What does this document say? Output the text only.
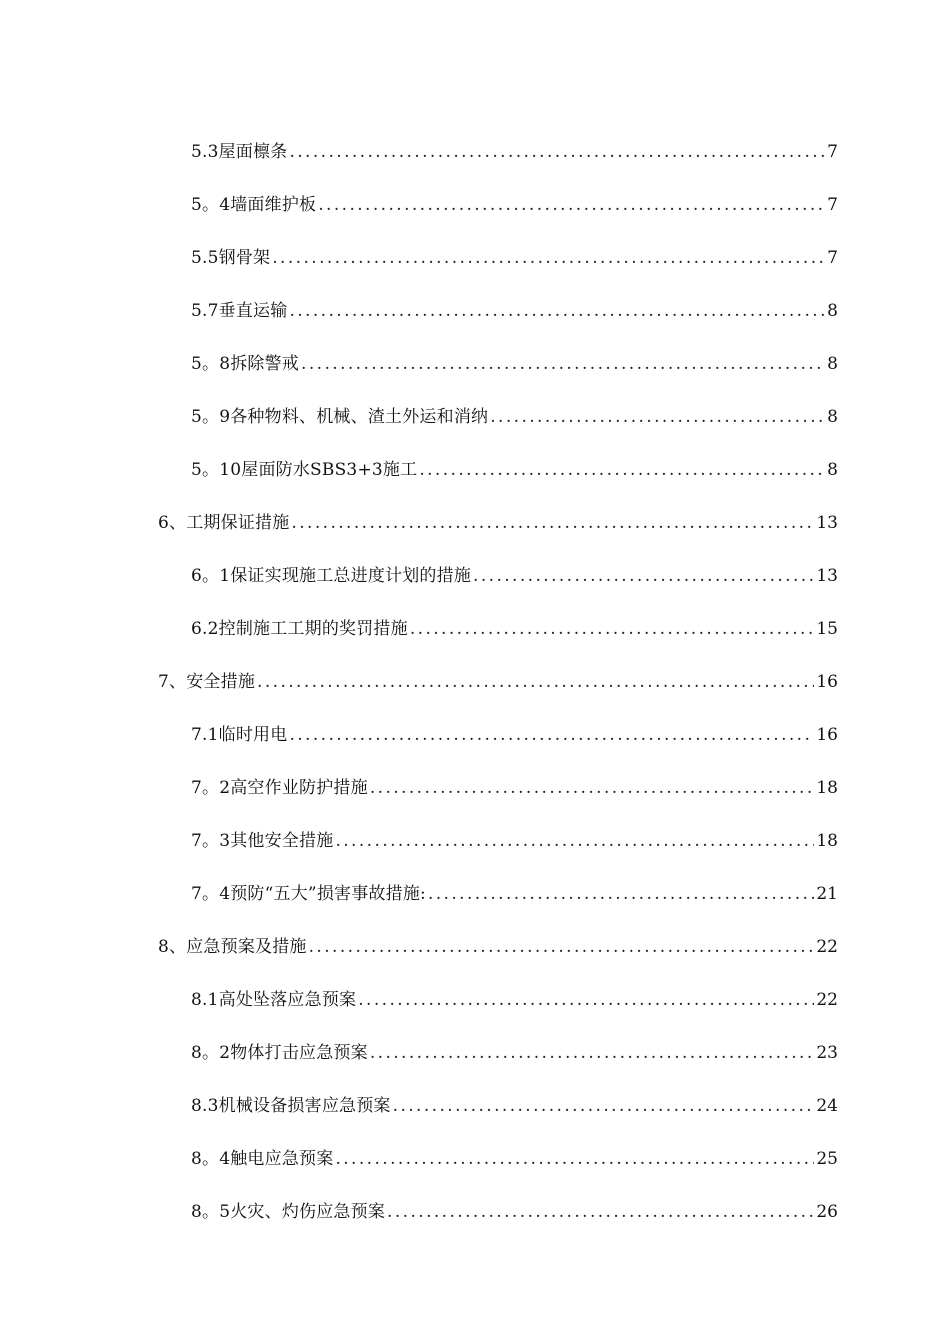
5.3屋面檩条 .....	7
5。4墙面维护板 .....	7
5.5钢骨架 .....	7
5.7垂直运输 .....	8
5。8拆除警戒 .....	8
5。9各种物料、机械、渣土外运和消纳 .....	8
5。10屋面防水SBS3+3施工 .....	8
6、工期保证措施 .....	13
6。1保证实现施工总进度计划的措施 .....	13
6.2控制施工工期的奖罚措施 .....	15
7、安全措施 .....	16
7.1临时用电 .....	16
7。2高空作业防护措施 .....	18
7。3其他安全措施 .....	18
7。4预防“五大”损害事故措施: .....	21
8、应急预案及措施 .....	22
8.1高处坠落应急预案 .....	22
8。2物体打击应急预案 .....	23
8.3机械设备损害应急预案 .....	24
8。4触电应急预案 .....	25
8。5火灾、灼伤应急预案 .....	26
